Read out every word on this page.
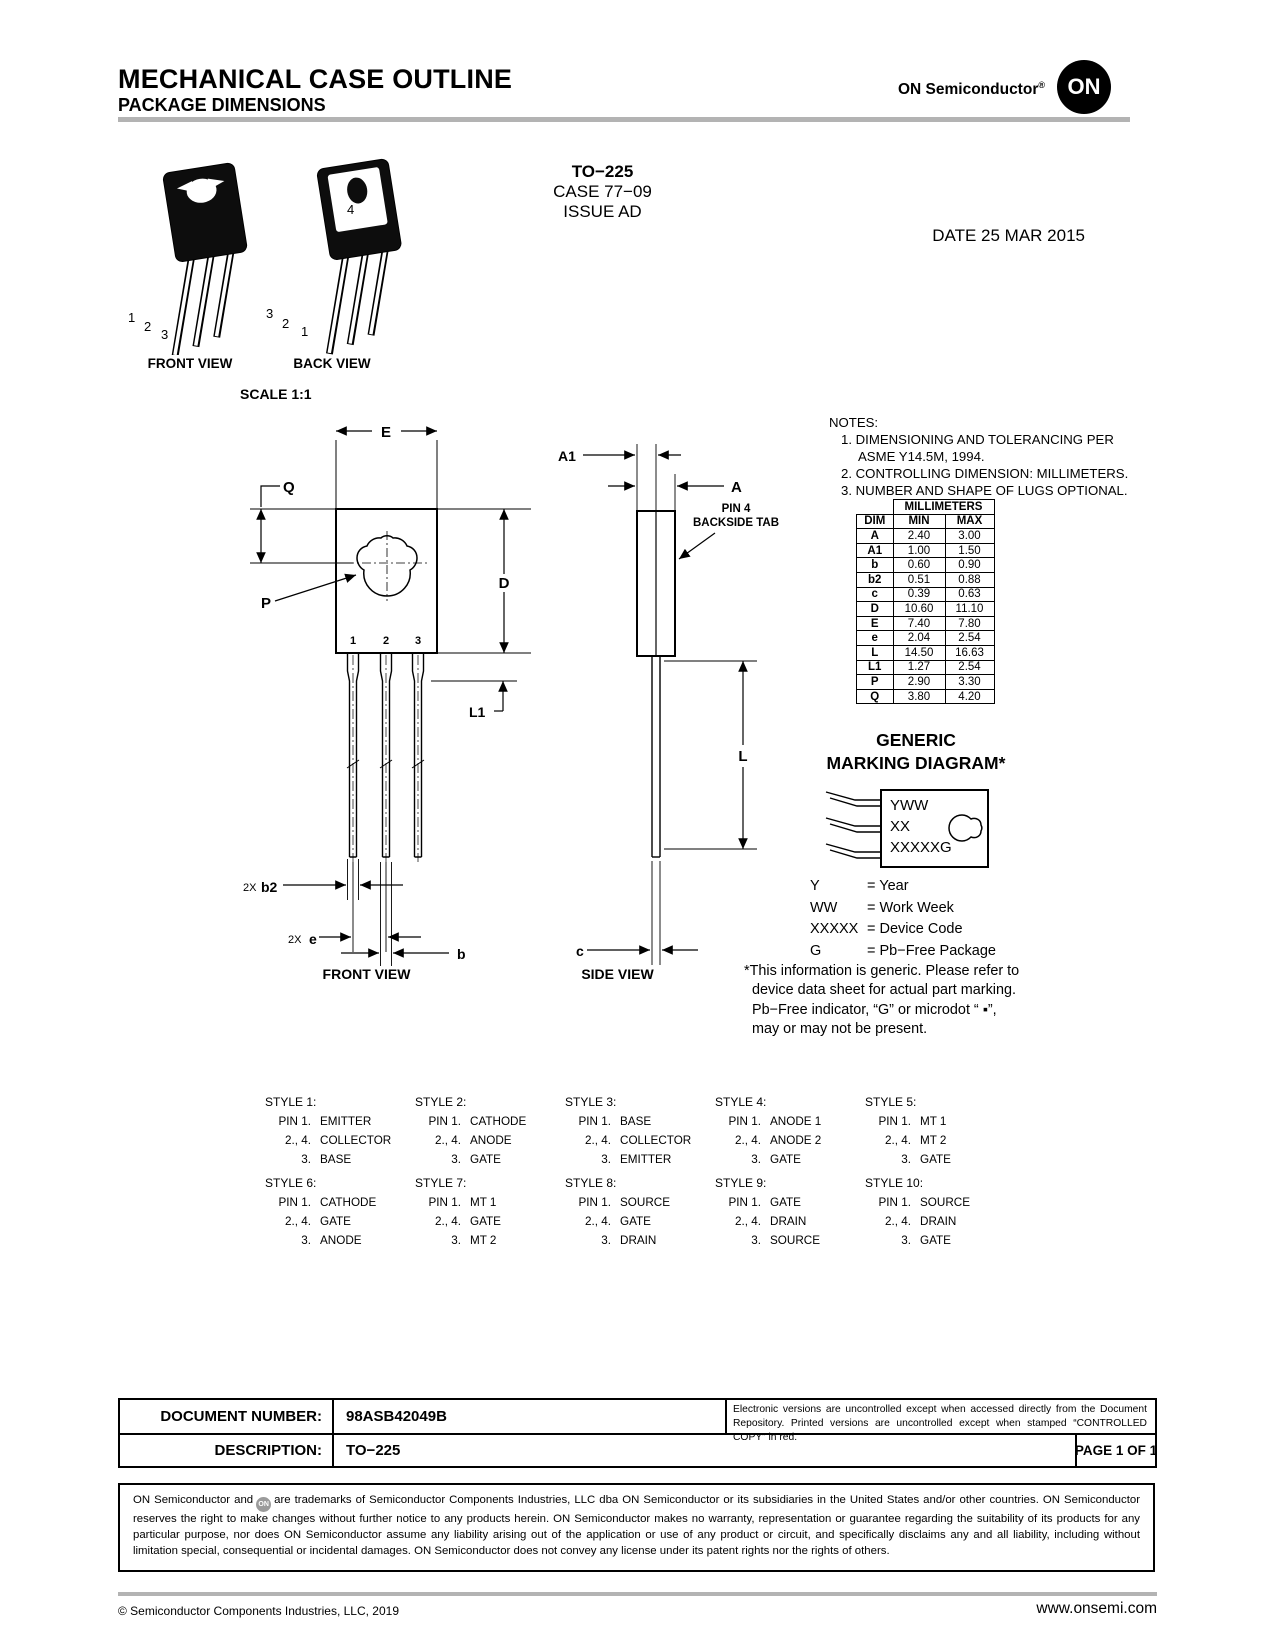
MECHANICAL CASE OUTLINE
PACKAGE DIMENSIONS
ON Semiconductor® ON
1
2
3
4
3
2
1
FRONT VIEW	BACK VIEW
SCALE 1:1
TO−225
CASE 77−09
ISSUE AD
DATE 25 MAR 2015
E
Q
D
P
1 2 3
L1
2X b2
2X e
b
FRONT VIEW
A1
A
PIN 4
BACKSIDE TAB
L
c
SIDE VIEW
NOTES:
1. DIMENSIONING AND TOLERANCING PER
ASME Y14.5M, 1994.
2. CONTROLLING DIMENSION: MILLIMETERS.
3. NUMBER AND SHAPE OF LUGS OPTIONAL.
	MILLIMETERS	
DIM	MIN	MAX
A	2.40	3.00
A1	1.00	1.50
b	0.60	0.90
b2	0.51	0.88
c	0.39	0.63
D	10.60	11.10
E	7.40	7.80
e	2.04	2.54
L	14.50	16.63
L1	1.27	2.54
P	2.90	3.30
Q	3.80	4.20
GENERIC
MARKING DIAGRAM*
YWW
XX
XXXXXG
Y	= Year
WW = Work Week
XXXXX = Device Code
G	= Pb−Free Package
*This information is generic. Please refer to
device data sheet for actual part marking.
Pb−Free indicator, “G” or microdot “ ▪”,
may or may not be present.
STYLE 1:
PIN 1. EMITTER
2., 4. COLLECTOR
3. BASE
STYLE 2:
PIN 1. CATHODE
2., 4. ANODE
3. GATE
STYLE 3:
PIN 1. BASE
2., 4. COLLECTOR
3. EMITTER
STYLE 4:
PIN 1. ANODE 1
2., 4. ANODE 2
3. GATE
STYLE 5:
PIN 1. MT 1
2., 4. MT 2
3. GATE
STYLE 6:
PIN 1. CATHODE
2., 4. GATE
3. ANODE
STYLE 7:
PIN 1. MT 1
2., 4. GATE
3. MT 2
STYLE 8:
PIN 1. SOURCE
2., 4. GATE
3. DRAIN
STYLE 9:
PIN 1. GATE
2., 4. DRAIN
3. SOURCE
STYLE 10:
PIN 1. SOURCE
2., 4. DRAIN
3. GATE
DOCUMENT NUMBER: 98ASB42049B	Electronic versions are uncontrolled except when accessed directly from the Document Repository. Printed versions are uncontrolled except when stamped “CONTROLLED COPY” in red.
DESCRIPTION: TO−225	PAGE 1 OF 1
ON Semiconductor and ON are trademarks of Semiconductor Components Industries, LLC dba ON Semiconductor or its subsidiaries in the United States and/or other countries. ON Semiconductor reserves the right to make changes without further notice to any products herein. ON Semiconductor makes no warranty, representation or guarantee regarding the suitability of its products for any particular purpose, nor does ON Semiconductor assume any liability arising out of the application or use of any product or circuit, and specifically disclaims any and all liability, including without limitation special, consequential or incidental damages. ON Semiconductor does not convey any license under its patent rights nor the rights of others.
© Semiconductor Components Industries, LLC, 2019	www.onsemi.com
